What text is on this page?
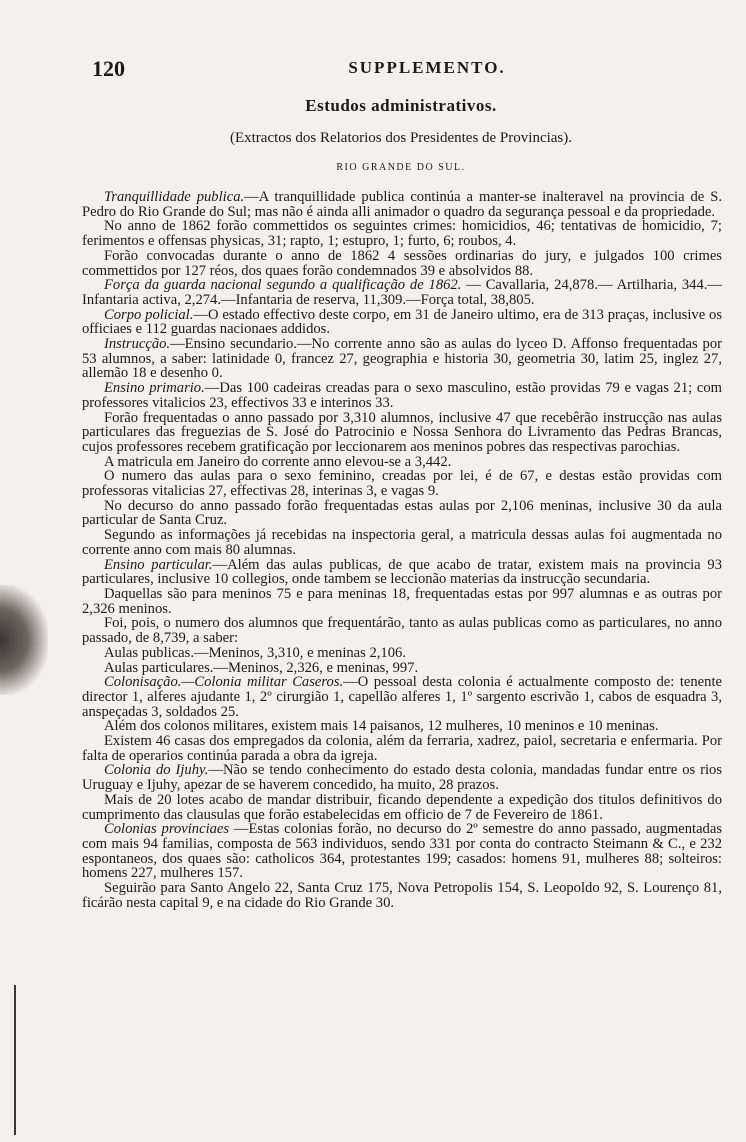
120	SUPPLEMENTO.
Estudos administrativos.
(Extractos dos Relatorios dos Presidentes de Provincias).
RIO GRANDE DO SUL.

Tranquillidade publica.—A tranquillidade publica continúa a manter-se inalteravel na provincia de S. Pedro do Rio Grande do Sul; mas não é ainda alli animador o quadro da segurança pessoal e da propriedade.

No anno de 1862 forão commettidos os seguintes crimes: homicidios, 46; tentativas de homicidio, 7; ferimentos e offensas physicas, 31; rapto, 1; estupro, 1; furto, 6; roubos, 4.

Forão convocadas durante o anno de 1862 4 sessões ordinarias do jury, e julgados 100 crimes commettidos por 127 réos, dos quaes forão condemnados 39 e absolvidos 88.

Força da guarda nacional segundo a qualificação de 1862. — Cavallaria, 24,878.— Artilharia, 344.—Infantaria activa, 2,274.—Infantaria de reserva, 11,309.—Força total, 38,805.

Corpo policial.—O estado effectivo deste corpo, em 31 de Janeiro ultimo, era de 313 praças, inclusive os officiaes e 112 guardas nacionaes addidos.

Instrucção.—Ensino secundario.—No corrente anno são as aulas do lyceo D. Affonso frequentadas por 53 alumnos, a saber: latinidade 0, francez 27, geographia e historia 30, geometria 30, latim 25, inglez 27, allemão 18 e desenho 0.

Ensino primario.—Das 100 cadeiras creadas para o sexo masculino, estão providas 79 e vagas 21; com professores vitalicios 23, effectivos 33 e interinos 33.

Forão frequentadas o anno passado por 3,310 alumnos, inclusive 47 que recebêrão instrucção nas aulas particulares das freguezias de S. José do Patrocinio e Nossa Senhora do Livramento das Pedras Brancas, cujos professores recebem gratificação por leccionarem aos meninos pobres das respectivas parochias.

A matricula em Janeiro do corrente anno elevou-se a 3,442.

O numero das aulas para o sexo feminino, creadas por lei, é de 67, e destas estão providas com professoras vitalicias 27, effectivas 28, interinas 3, e vagas 9.

No decurso do anno passado forão frequentadas estas aulas por 2,106 meninas, inclusive 30 da aula particular de Santa Cruz.

Segundo as informações já recebidas na inspectoria geral, a matricula dessas aulas foi augmentada no corrente anno com mais 80 alumnas.

Ensino particular.—Além das aulas publicas, de que acabo de tratar, existem mais na provincia 93 particulares, inclusive 10 collegios, onde tambem se leccionão materias da instrucção secundaria.

Daquellas são para meninos 75 e para meninas 18, frequentadas estas por 997 alumnas e as outras por 2,326 meninos.

Foi, pois, o numero dos alumnos que frequentárão, tanto as aulas publicas como as particulares, no anno passado, de 8,739, a saber:

Aulas publicas.—Meninos, 3,310, e meninas 2,106.

Aulas particulares.—Meninos, 2,326, e meninas, 997.

Colonisação.—Colonia militar Caseros.—O pessoal desta colonia é actualmente composto de: tenente director 1, alferes ajudante 1, 2º cirurgião 1, capellão alferes 1, 1º sargento escrivão 1, cabos de esquadra 3, anspeçadas 3, soldados 25.

Além dos colonos militares, existem mais 14 paisanos, 12 mulheres, 10 meninos e 10 meninas.

Existem 46 casas dos empregados da colonia, além da ferraria, xadrez, paiol, secretaria e enfermaria. Por falta de operarios continúa parada a obra da igreja.

Colonia do Ijuhy.—Não se tendo conhecimento do estado desta colonia, mandadas fundar entre os rios Uruguay e Ijuhy, apezar de se haverem concedido, ha muito, 28 prazos.

Mais de 20 lotes acabo de mandar distribuir, ficando dependente a expedição dos titulos definitivos do cumprimento das clausulas que forão estabelecidas em officio de 7 de Fevereiro de 1861.

Colonias provinciaes —Estas colonias forão, no decurso do 2º semestre do anno passado, augmentadas com mais 94 familias, composta de 563 individuos, sendo 331 por conta do contracto Steimann & C., e 232 espontaneos, dos quaes são: catholicos 364, protestantes 199; casados: homens 91, mulheres 88; solteiros: homens 227, mulheres 157.

Seguirão para Santo Angelo 22, Santa Cruz 175, Nova Petropolis 154, S. Leopoldo 92, S. Lourenço 81, ficárão nesta capital 9, e na cidade do Rio Grande 30.
